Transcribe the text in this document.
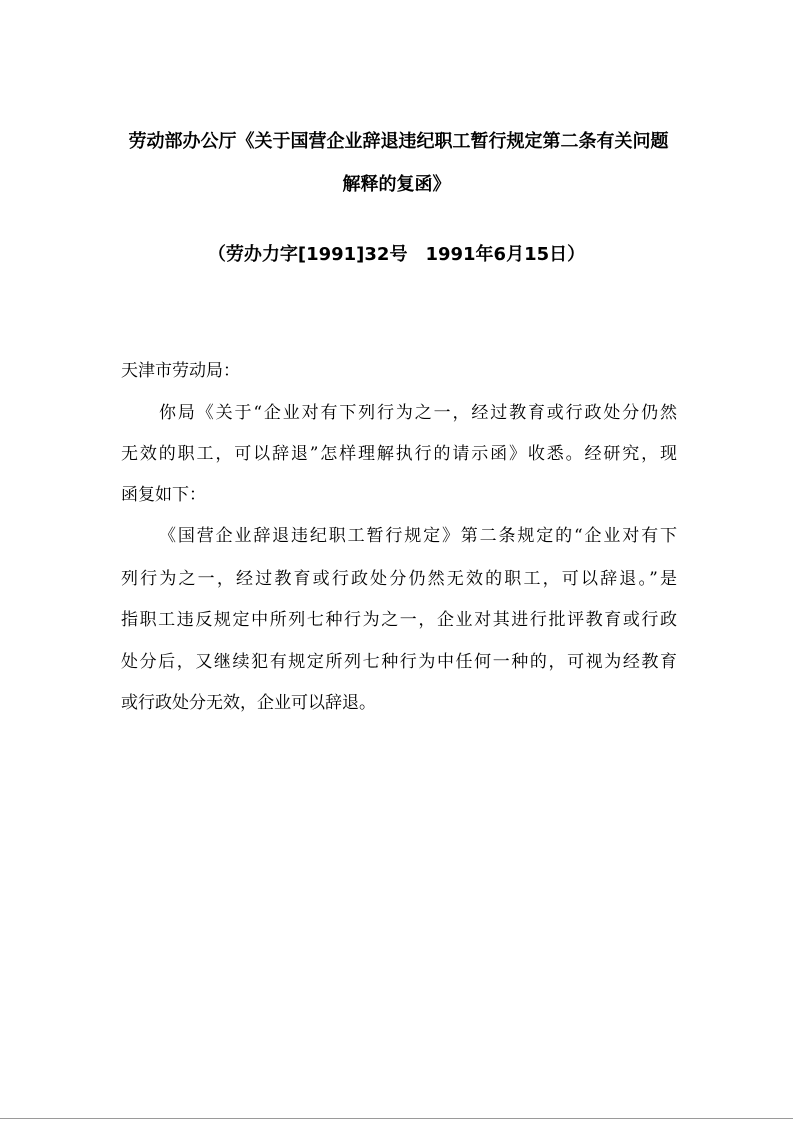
劳动部办公厅《关于国营企业辞退违纪职工暂行规定第二条有关问题
解释的复函》
（劳办力字[1991]32号　1991年6月15日）
天津市劳动局：
你局《关于“企业对有下列行为之一，经过教育或行政处分仍然
无效的职工，可以辞退”怎样理解执行的请示函》收悉。经研究，现
函复如下：
《国营企业辞退违纪职工暂行规定》第二条规定的“企业对有下
列行为之一，经过教育或行政处分仍然无效的职工，可以辞退。”是
指职工违反规定中所列七种行为之一，企业对其进行批评教育或行政
处分后，又继续犯有规定所列七种行为中任何一种的，可视为经教育
或行政处分无效，企业可以辞退。
